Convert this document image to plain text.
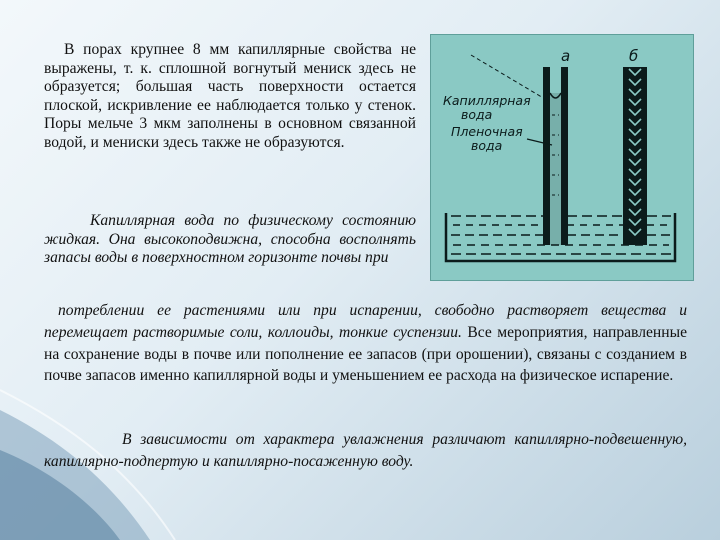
В порах крупнее 8 мм капиллярные свойства не выражены, т. к. сплошной вогнутый мениск здесь не образуется; большая часть поверхности остается плоской, искривление ее наблюдается только у стенок. Поры мельче 3 мкм заполнены в основном связанной водой, и мениски здесь также не образуются.
Капиллярная вода по физическому состоянию жидкая. Она высокоподвижна, способна восполнять запасы воды в поверхностном горизонте почвы при
потреблении ее растениями или при испарении, свободно растворяет вещества и перемещает растворимые соли, коллоиды, тонкие суспензии. Все мероприятия, направленные на сохранение воды в почве или пополнение ее запасов (при орошении), связаны с созданием в почве запасов именно капиллярной воды и уменьшением ее расхода на физическое испарение.
В зависимости от характера увлажнения различают капиллярно-подвешенную, капиллярно-подпертую и капиллярно-посаженную воду.
а	б
Капиллярная
вода
Пленочная
вода
